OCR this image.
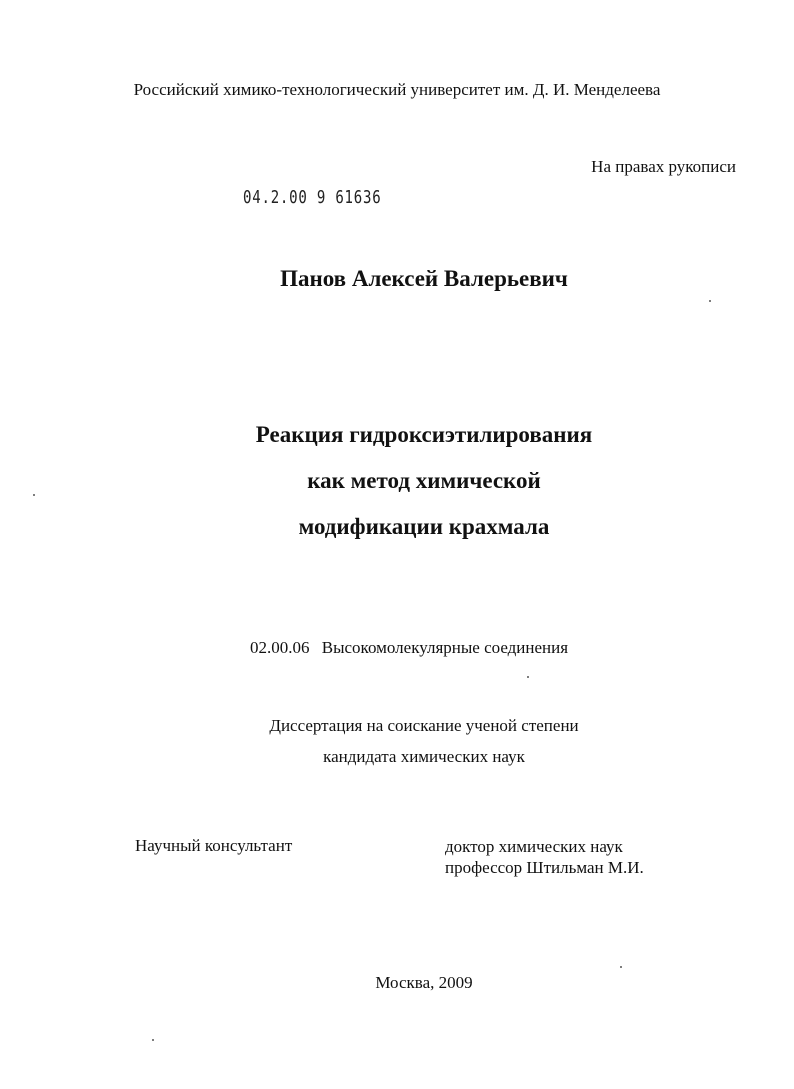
Российский химико-технологический университет им. Д. И. Менделеева
На правах рукописи
04.2.00 9 61636
Панов Алексей Валерьевич
Реакция гидроксиэтилирования
как метод химической
модификации крахмала
02.00.06 Высокомолекулярные соединения
Диссертация на соискание ученой степени
кандидата химических наук
Научный консультант	доктор химических наук
профессор Штильман М.И.
Москва, 2009
